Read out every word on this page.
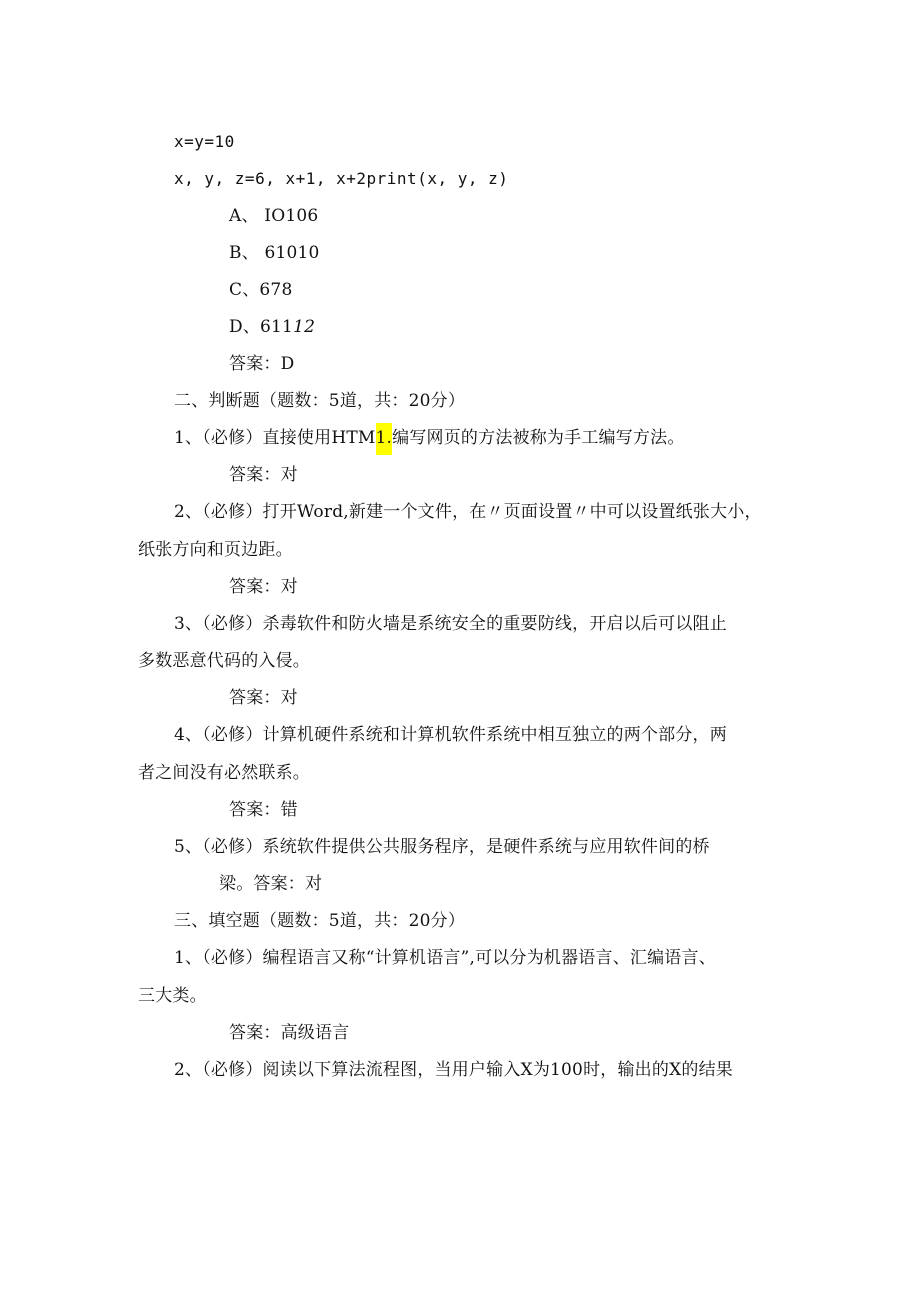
x=y=10
x, y, z=6, x+1, x+2print(x, y, z)
A、 IO106
B、 61010
C、678
D、61112
答案：D
二、判断题（题数：5道，共：20分）
1、（必修）直接使用HTM1.编写网页的方法被称为手工编写方法。
答案：对
2、（必修）打开Word,新建一个文件，在〃页面设置〃中可以设置纸张大小，
纸张方向和页边距。
答案：对
3、（必修）杀毒软件和防火墙是系统安全的重要防线，开启以后可以阻止
多数恶意代码的入侵。
答案：对
4、（必修）计算机硬件系统和计算机软件系统中相互独立的两个部分，两
者之间没有必然联系。
答案：错
5、（必修）系统软件提供公共服务程序，是硬件系统与应用软件间的桥
梁。答案：对
三、填空题（题数：5道，共：20分）
1、（必修）编程语言又称“计算机语言”,可以分为机器语言、汇编语言、
三大类。
答案：高级语言
2、（必修）阅读以下算法流程图，当用户输入X为100时，输出的X的结果
